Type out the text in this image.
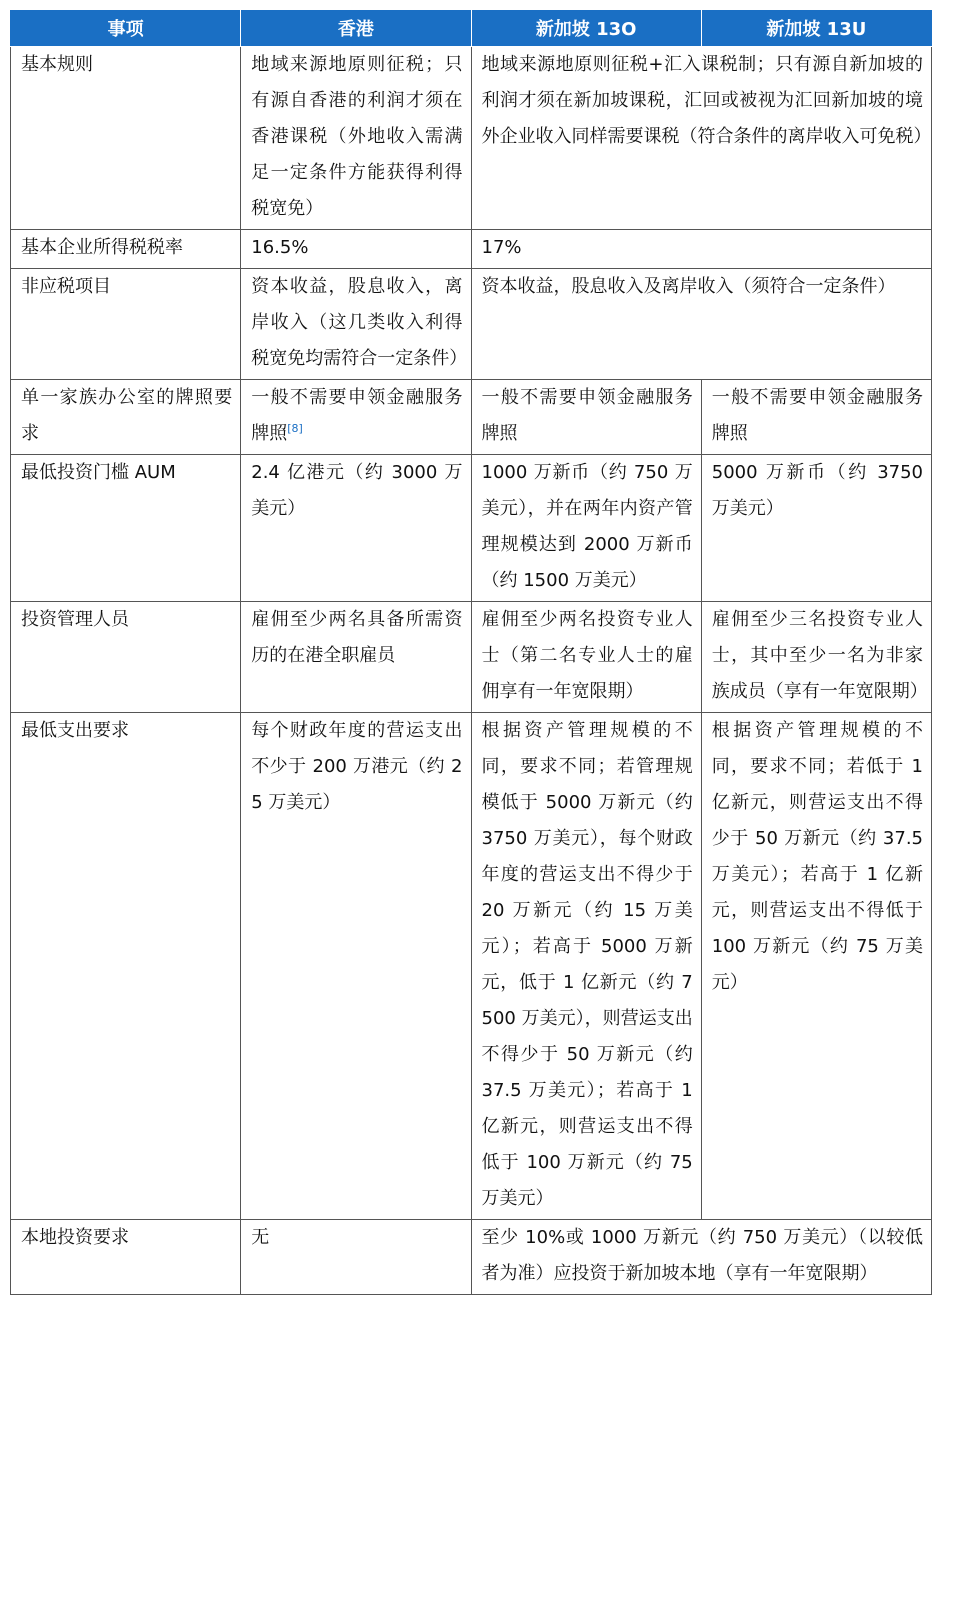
事项	香港	新加坡 13O	新加坡 13U
基本规则	地域来源地原则征税；只有源自香港的利润才须在香港课税（外地收入需满足一定条件方能获得利得税宽免）	地域来源地原则征税+汇入课税制；只有源自新加坡的利润才须在新加坡课税，汇回或被视为汇回新加坡的境外企业收入同样需要课税（符合条件的离岸收入可免税）	
基本企业所得税税率	16.5%	17%	
非应税项目	资本收益，股息收入，离岸收入（这几类收入利得税宽免均需符合一定条件）	资本收益，股息收入及离岸收入（须符合一定条件）	
单一家族办公室的牌照要求	一般不需要申领金融服务牌照[8]	一般不需要申领金融服务牌照	一般不需要申领金融服务牌照
最低投资门槛 AUM	2.4 亿港元（约 3000 万美元）	1000 万新币（约 750 万美元），并在两年内资产管理规模达到 2000 万新币（约 1500 万美元）	5000 万新币（约 3750 万美元）
投资管理人员	雇佣至少两名具备所需资历的在港全职雇员	雇佣至少两名投资专业人士（第二名专业人士的雇佣享有一年宽限期）	雇佣至少三名投资专业人士，其中至少一名为非家族成员（享有一年宽限期）
最低支出要求	每个财政年度的营运支出不少于 200 万港元（约 25 万美元）	根据资产管理规模的不同，要求不同；若管理规模低于 5000 万新元（约 3750 万美元），每个财政年度的营运支出不得少于 20 万新元（约 15 万美元）；若高于 5000 万新元，低于 1 亿新元（约 7500 万美元），则营运支出不得少于 50 万新元（约 37.5 万美元）；若高于 1 亿新元，则营运支出不得低于 100 万新元（约 75 万美元）	根据资产管理规模的不同，要求不同；若低于 1 亿新元，则营运支出不得少于 50 万新元（约 37.5 万美元）；若高于 1 亿新元，则营运支出不得低于 100 万新元（约 75 万美元）
本地投资要求	无	至少 10%或 1000 万新元（约 750 万美元）（以较低者为准）应投资于新加坡本地（享有一年宽限期）	
